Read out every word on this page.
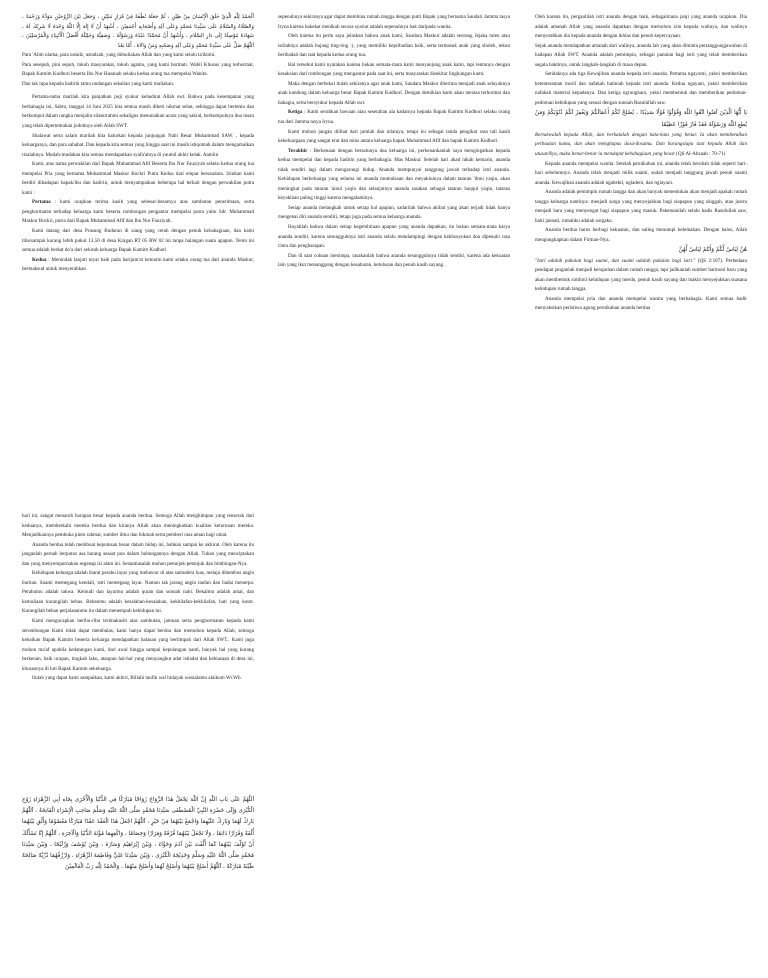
اَلْحَمْدُ لِلّٰهِ الَّذِيْ خَلَقَ الْإِنْسَانَ مِنْ طِيْنٍ ، ثُمَّ جَعَلَهُ نُطْفَةً فِيْ قَرَارٍ مَكِيْنٍ ، وَجَعَلَ بَيْنَ الزَّوْجَيْنِ مَوَدَّةً وَرَحْمَةً ، وَالصَّلَاةُ وَالسَّلَامُ عَلَى سَيِّدِنَا مُحَمَّدٍ وَعَلَى آلِهِ وَأَصْحَابِهِ أَجْمَعِيْنَ ، أَشْهَدُ أَنْ لَا إِلٰهَ إِلَّا اللّٰهُ وَحْدَهُ لَا شَرِيْكَ لَهُ ، شَهَادَةً مُوْصِلَةً إِلَى دَارِ السَّلَامِ ، وَأَشْهَدُ أَنَّ مُحَمَّدًا عَبْدُهُ وَرَسُوْلُهُ ، وَصَفِيُّهُ وَخَلِيْلُهُ أَفْضَلُ الْأَنْبِيَاءِ وَالْمُرْسَلِيْنَ ، اَللّٰهُمَّ صَلِّ عَلَى سَيِّدِنَا مُحَمَّدٍ وَعَلَى آلِهِ وَصَحْبِهِ وَمَنْ وَالَاهُ ، أَمَّا بَعْدُ

Para 'Alim ulama, para ustadz, ustadzah, yang dimuliakan Allah dan yang kami selalu ta'dzimi.

Para sesepuh, pini sepuh, tokoh masyarakat, tokoh agama, yang kami hormati. Wabil Khusus yang terhormat, Bapak Kamim Kudhori beserta Ibu Nur Hasanah selaku kedua orang tua mempelai Wanita.

Dan tak lupa kepada hadirin tamu undangan sekalian yang kami muliakan.

Pertama-tama marilah kita panjatkan puji syukur kehadirat Allah swt. Bahwa pada kesempatan yang berbahagia ini, Sabtu, tanggal 14 Juni 2025 kita semua masih diberi nikmat sehat, sehingga dapat bertemu dan berkumpul dalam rangka menjalin silaturrahmi sekaligus menunaikan acara yang sakral, berkumpulnya dua insan yang telah dipertemukan jodohnya oleh Allah SWT.

Shalawat serta salam marilah kita haturkan kepada junjungan Nabi Besar Muhammad SAW. , kepada keluarganya, dan para sahabat. Dan kepada kita semua yang hingga saat ini masih istiqomah dalam mengamalkan risalahnya. Mudah-mudahan kita semua mendapatkan syafa'atnya di yaumil akhir kelak. Aamiin

Kami, atas nama perwakilan dari Bapak Muhammad Afif Beserta Ibu Nur Fauziyah selaku kedua orang tua mempelai Pria yang bernama Muhammad Maskur Bockri Putra Kedua dari empat bersaudara. Izinkan kami berdiri dihadapan bapak/ibu dan hadirin, untuk menyampaikan beberapa hal terkait dengan perwakilan putra kami :

Pertama : kami ucapkan terima kasih yang sebesar-besarnya atas sambutan penerimaan, serta penghormatan terhadap keluarga kami beserta rombongan pengantar mempelai putra yaitu Sdr. Muhammad Maskur Bockri, putra dari Bapak Muhammad Afif dan Ibu Nur Fauziyah.

Kami datang dari desa Prasung Buduran di siang yang cerah dengan penuh kebahagiaan, dan kami tiba/sampai kurang lebih pukul 13.50 di desa Kragan RT 05 RW 02 ini tanpa halangan suatu apapun. Tentu ini semua adalah berkat do'a dari seluruh keluarga Bapak Kamim Kudhori

Kedua : Menindak lanjuti niyat baik pada harijum'at kemarin kami selaku orang tua dari ananda Maskur, bermaksud untuk menyerahkan

sepenuhnya sekiranya agar dapat membina rumah tangga dengan putri Bapak yang bernama Saudari Jamma tasya Iryna karena hakekat menikah secara syariat adalah sepenuhnya hak daripada wanita.

Oleh karena itu perlu saya jelaskan bahwa anak kami, Saudara Maskur adalah seorang Jejaka tulen atau istilahnya adalah bujang ting-ting :), yang memiliki kepribadian baik, serta termasuk anak yang sholeh, tekun beribadah dan taat kepada kedua orang tua.

Hal tersebut kami nyatakan karena bukan semata-mata kami menyanjung anak kami, tapi tentunya dengan kesaksian dari rombongan yang mengantar pada saat ini, serta masyarakat disekitar lingkungan kami.

Maka dengan berbekal itulah sekiranya agar anak kami, Saudara Maskur diterima menjadi anak selayaknya anak kandung dalam keluarga besar Bapak Kamim Kudhori. Dengan demikian kami akan merasa terhormat dan bahagia, serta bersyukur kepada Allah swt.

Ketiga : Kami serahkan bawaan atau seserahan ala kadarnya kepada Bapak Kamim Kudhori selaku orang tua dari Jamma tasya Iryna.

Kami mohon jangan dilihat dari jumlah dan nilainya, tetapi ini sebagai tanda pengikat rasa tali kasih kekeluargaan yang sangat erat dan tulus antara keluarga bapak Muhammad Afif dan bapak Kamim Kudhori.

Terakhir : Berkenaan dengan bersatunya dua keluarga ini, perkenankanlah saya mengingatkan kepada kedua mempelai dan kepada hadirin yang berbahagia. Mas Maskur. Setelah hari akad nikah kemarin, ananda tidak sendiri lagi dalam mengarungi hidup. Ananda mempunyai tanggung jawab terhadap istri ananda. Kehidupan berkeluarga yang selama ini ananda mumulsaan dan meyakininya dalam tataran 'ilmu yaqin, akan meningkat pada tataran 'ainul yaqin dan selanjutnya ananda rasakan sebagai tataran haqqul yaqin, tataran keyakinan paling tinggi karena mengalaminya.

Setiap ananda melangkah untuk setiap hal apapun, sadarilah bahwa akibat yang akan terjadi tidak hanya mengenai diri ananda sendiri, tetapi juga pada semua keluarga ananda.

Hayatilah bahwa dalam setiap kegembiraan apapun yang ananda dapatkan, itu bukan semata-mata karya ananda sendiri, karena sesungguhnya istri ananda selalu mendampingi dengan kekhusyukan doa dipenuhi rasa cinta dan pengharapan.

Dan di saat cobaan menimpa, rasakanlah bahwa ananda sesungguhnya tidak sendiri, karena ada kekuatan lain yang ikut menanggung dengan kesabaran, ketulusan dan penuh kasih sayang.

Oleh karena itu, pergaulilah istri ananda dengan baik, sebagaimana janji yang ananda ucapkan. Dia adalah amanah Allah yang ananda dapatkan dengan memohon izin kepada walinya, dan walinya menyerahkan dia kepada ananda dengan ikhlas dan penuh kepercayaan.

Sejak ananda mendapatkan amanah dari walinya, ananda lah yang akan diminta pertanggungjawaban di hadapan Allah SWT. Ananda adalah pemimpin, sebagai panutan bagi istri yang telah memberikan segala baktinya, untuk langkah-langkah di masa depan.

Setidaknya ada tiga Kewajiban ananda kepada istri ananda. Pertama ngayomi, yakni memberikan ketenteraman moril dan nafakah batiniah kepada istri ananda. Kedua ngayani, yakni memberikan nafakah material kepadanya. Dan ketiga ngrungkani, yakni membentuk dan memberikan pedoman-pedoman kehidupan yang sesuai dengan sunnah Rasulullah saw.

يَا أَيُّهَا الَّذِيْنَ آمَنُوا اتَّقُوا اللّٰهَ وَقُوْلُوْا قَوْلًا سَدِيْدًا ، يُصْلِحْ لَكُمْ أَعْمَالَكُمْ وَيَغْفِرْ لَكُمْ ذُنُوْبَكُمْ وَمَنْ يُطِعِ اللّٰهَ وَرَسُوْلَهُ فَقَدْ فَازَ فَوْزًا عَظِيْمًا

Bertakwalah kepada Allah, dan berkatalah dengan kata-kata yang benar. Ia akan membetulkan perbuatan kamu, dan akan menghapus dosa-dosamu. Dan barangsiapa taat kepada Allah dan utusanNya, maka benar-benar ia mendapat kebahagiaan yang besar (QS Al-Ahzaab : 70-71)

Kepada ananda mempelai wanita. Setelah pernikahan ini, ananda telah berubah tidak seperti hari-hari sebelumnya. Ananda telah menjadi milik suami, sudah menjadi tanggung jawab penuh suami ananda. Kewajiban ananda adalah ngabekti, ngladeni, dan nglayani.

Ananda adalah pemimpin rumah tangga dan akan banyak menentukan akan menjadi apakah rumah tangga keluarga nantinya: menjadi surga yang menyejukkan bagi siapapun yang singgah, atau justru menjadi bara yang menyengat bagi siapapun yang masuk. Pakemanilah selalu hadis Rasulullah saw, baiti jannati, rumahku adalah sorgaku.

Ananda berdua harus berbagi kekuatan, dan saling menutupi kelemahan. Dengan halus, Allah mengungkapkan dalam Firman-Nya,

هُنَّ لِبَاسٌ لَّكُمْ وَأَنْتُمْ لِبَاسٌ لَّهُنَّ

"Istri adalah pakaian bagi suami, dan suami adalah pakaian bagi istri." (QS 2:187). Perbedaan pendapat janganlah menjadi kerapuhan dalam rumah tangga, tapi jadikanlah sumber harmoni baru yang akan membentuk simfoni kehidupan yang merdu, penuh kasih sayang dan makin menyejukkan suasana kehidupan rumah tangga.

Ananda mempelai pria dan ananda mempelai wanita yang berbahagia. Kami semua hadir menyaksikan peristiwa agung pernikahan ananda berdua

hari ini, sangat menaruh harapan besar kepada ananda berdua. Semoga Allah menghimpun yang tenserak dari keduanya, memberkahi mereka berdua dan kiranya Allah akan meningkatkan kualitas keturunan mereka. Menjadikannya pembuka pintu rahmat, sumber ilmu dan hikmah serta pemberi rasa aman bagi umat.

Ananda berdua telah membuat keputusan besar dalam hidup ini, bahkan sampai ke akhirat. Oleh karena itu janganlah pernah berputus asa barang sesaat pun dalam hubungannya dengan Allah, Tuhan yang menciptakan dan yang menyempurnakan segenap isi alam ini. Senantiasalah mohon petunjuk-petunjuk dan bimbingan-Nya.

Kehidupan keluarga adalah ibarat perahu layar yang meluncur di atas samudera luas, melaju dihembus angin buritan. Suami memegang kendali, istri memegang layar. Namun tak jarang angin taufan dan badai menerpa. Perahumu adalah takwa. Kemudi dan layarmu adalah quran dan sunnah nabi. Bekalmu adalah amal, dan kemuliaan kurangilah bebas. Bebanmu adalah kesalahan-kesalahan, kekhilafan-kekhilafan, hati yang kotor. Kurangilah beban perjalananmu itu dalam menempuh kehidupan ini.

Kami mengucapkan beribu-ribu terimakasih atas sambutan, jamuan serta penghormatan kepada kami serombongan Kami tidak dapat membalas, kami hanya dapat berdoa dan memohon kepada Allah, semoga kebaikan Bapak Kamim beserta keluarga mendapatkan balasan yang berlimpah dari Allah SWT.. Kami juga mohon ma'af apabila kedatangan kami, dari awal hingga sampai kepulangan nanti, banyak hal yang kurang berkenan, baik ucapan, tingkah laku, ataupun hal-hal yang menyangkut adat istiadat dan kebiasaan di desa ini, khususnya di luti Bapak Kamim sekeluarga.

Itulah yang dapat kami sampaikan, kami akhiri, Billahi taufik wal hidayah wassalamu alaikum Wr.Wb.

اَللّٰهُمَّ عَلَى بَابِ اللّٰهِ إِنَّ اللّٰهَ يَجْعَلُ هٰذَا الزَّوَاجَ زَوَاجًا مُبَارَكًا فِي الدُّنْيَا وَالْأُخْرَى بِجَاهِ أَبِي الزَّهْرَاءِ زَوْجِ الْكُبْرَى وَإِلَى حَضْرَةِ النَّبِيِّ الْمُصْطَفَى سَيِّدِنَا مُحَمَّدٍ صَلَّى اللّٰهُ عَلَيْهِ وَسَلَّمَ صَاحِبِ الْإِسْرَاءِ الْفَاتِحَةُ ، اَللّٰهُمَّ بَارِكْ لَهُمَا وَبَارِكْ عَلَيْهِمَا وَاجْمَعْ بَيْنَهُمَا فِيْ خَيْرٍ ، اَللّٰهُمَّ اجْعَلْ هٰذَا الْعَقْدَ عَقْدًا مُبَارَكًا مَعْصُوْمًا وَأَلْقِ بَيْنَهُمَا أُلْفَةً وَقَرَارًا دَائِمًا ، وَلَا تَجْعَلْ بَيْنَهُمَا فُرْقَةً وَفِرَارًا وَخِصَامًا ، وَاكْفِهِمَا مُؤْنَةَ الدُّنْيَا وَالْآخِرَةِ ، اَللّٰهُمَّ إِنَّا نَسْأَلُكَ أَنْ تُؤَلِّفَ بَيْنَهُمَا كَمَا أَلَّفْتَ بَيْنَ آدَمَ وَحَوَّاءَ ، وَبَيْنَ إِبْرَاهِيْمَ وَسَارَةَ ، وَبَيْنَ يُوْسُفَ وَزُلَيْخَا ، وَبَيْنَ سَيِّدِنَا مُحَمَّدٍ صَلَّى اللّٰهُ عَلَيْهِ وَسَلَّمَ وَخَدِيْجَةَ الْكُبْرَى ، وَبَيْنَ سَيِّدِنَا عَلِيٍّ وَفَاطِمَةَ الزَّهْرَاءِ ، وَارْزُقْهُمَا ذُرِّيَّةً صَالِحَةً طَيِّبَةً مُبَارَكَةً ، اَللّٰهُمَّ أَصْلِحْ بَيْنَهُمَا وَأَصْلِحْ لَهُمَا وَأَصْلِحْ مِنْهُمَا ، وَالْحَمْدُ لِلّٰهِ رَبِّ الْعَالَمِيْنَ
